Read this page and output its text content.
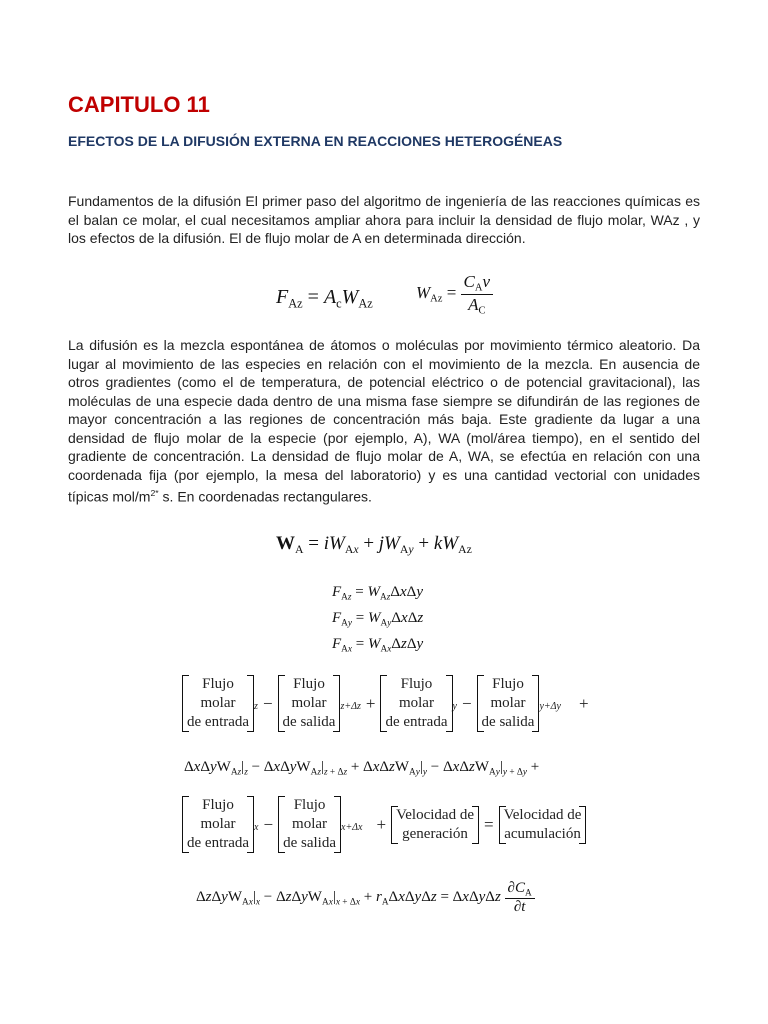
CAPITULO 11
EFECTOS DE LA DIFUSIÓN EXTERNA EN REACCIONES HETEROGÉNEAS
Fundamentos de la difusión El primer paso del algoritmo de ingeniería de las reacciones químicas es el balan ce molar, el cual necesitamos ampliar ahora para incluir la densidad de flujo molar, WAz , y los efectos de la difusión. El de flujo molar de A en determinada dirección.
$F_{Az} = A_cW_{Az}$
$W_{Az} = \frac{C_Av}{A_C}$
La difusión es la mezcla espontánea de átomos o moléculas por movimiento térmico aleatorio. Da lugar al movimiento de las especies en relación con el movimiento de la mezcla. En ausencia de otros gradientes (como el de temperatura, de potencial eléctrico o de potencial gravitacional), las moléculas de una especie dada dentro de una misma fase siempre se difundirán de las regiones de mayor concentración a las regiones de concentración más baja. Este gradiente da lugar a una densidad de flujo molar de la especie (por ejemplo, A), WA (mol/área tiempo), en el sentido del gradiente de concentración. La densidad de flujo molar de A, WA, se efectúa en relación con una coordenada fija (por ejemplo, la mesa del laboratorio) y es una cantidad vectorial con unidades típicas mol/$m^{2*}$ s. En coordenadas rectangulares.
$W_A = iW_{Ax} + jW_{Ay} + kW_{Az}$
$F_{Az} = W_{Az}\Delta x\Delta y$
$F_{Ay} = W_{Ay}\Delta x\Delta z$
$F_{Ax} = W_{Ax}\Delta z\Delta y$
Flujo
molar
de entrada
z −
Flujo
molar
de salida
z+Δz +
Flujo
molar
de entrada
y −
Flujo
molar
de salida
y+Δy +
$\Delta x\Delta yW_{Az}|_z - \Delta x\Delta yW_{Az}|_{z + \Delta z} + \Delta x\Delta zW_{Ay}|_y - \Delta x\Delta zW_{Ay}|_{y + \Delta y}$ +
Flujo
molar
de entrada
x −
Flujo
molar
de salida
x+Δx + Velocidad de
generación = Velocidad de
acumulación
$\Delta z\Delta yW_{Ax}|_x - \Delta z\Delta yW_{Ax}|_{x + \Delta x} + r_A\Delta x\Delta y\Delta z = \Delta x\Delta y\Delta z \frac{\partial C_A}{\partial t}$
